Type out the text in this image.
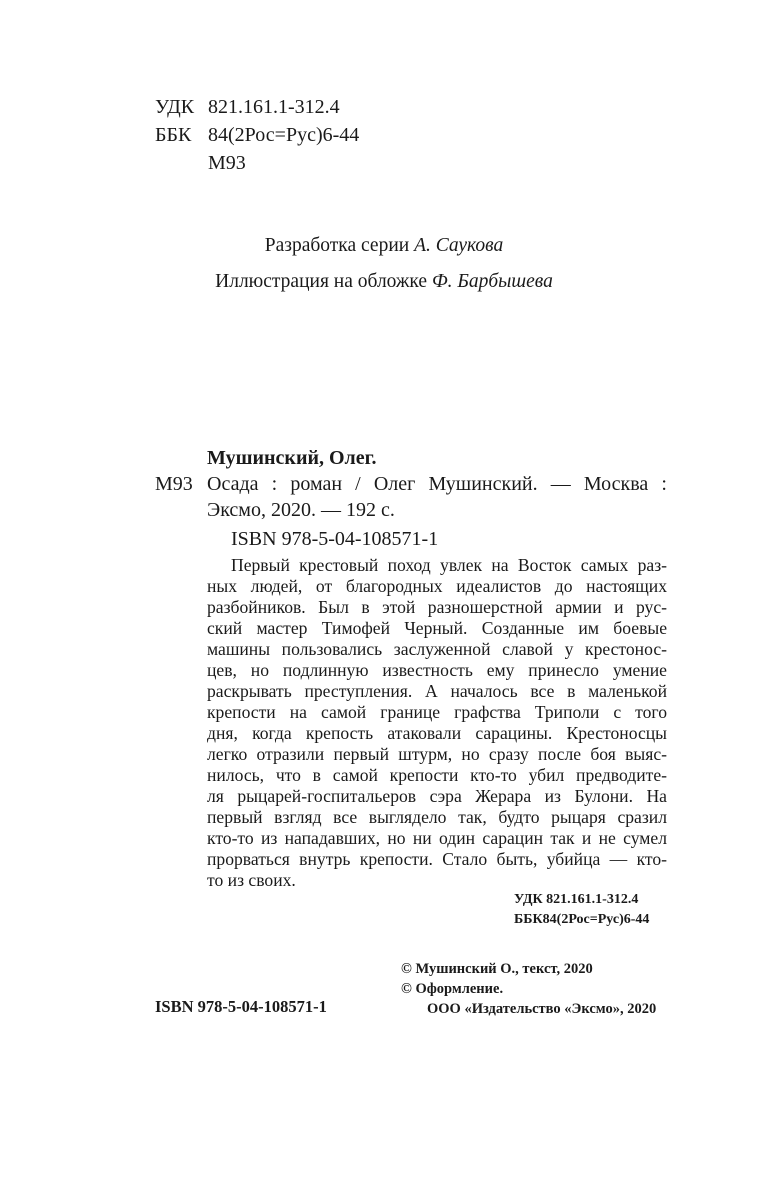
УДК 821.161.1-312.4
ББК 84(2Рос=Рус)6-44
М93
Разработка серии А. Саукова
Иллюстрация на обложке Ф. Барбышева
Мушинский, Олег.
М93 Осада : роман / Олег Мушинский. — Москва :
Эксмо, 2020. — 192 с.
ISBN 978-5-04-108571-1
Первый крестовый поход увлек на Восток самых раз-
ных людей, от благородных идеалистов до настоящих
разбойников. Был в этой разношерстной армии и рус-
ский мастер Тимофей Черный. Созданные им боевые
машины пользовались заслуженной славой у крестонос-
цев, но подлинную известность ему принесло умение
раскрывать преступления. А началось все в маленькой
крепости на самой границе графства Триполи с того
дня, когда крепость атаковали сарацины. Крестоносцы
легко отразили первый штурм, но сразу после боя выяс-
нилось, что в самой крепости кто-то убил предводите-
ля рыцарей-госпитальеров сэра Жерара из Булони. На
первый взгляд все выглядело так, будто рыцаря сразил
кто-то из нападавших, но ни один сарацин так и не сумел
прорваться внутрь крепости. Стало быть, убийца — кто-
то из своих.
УДК 821.161.1-312.4
ББК84(2Рос=Рус)6-44
© Мушинский О., текст, 2020
© Оформление.
ООО «Издательство «Эксмо», 2020
ISBN 978-5-04-108571-1
